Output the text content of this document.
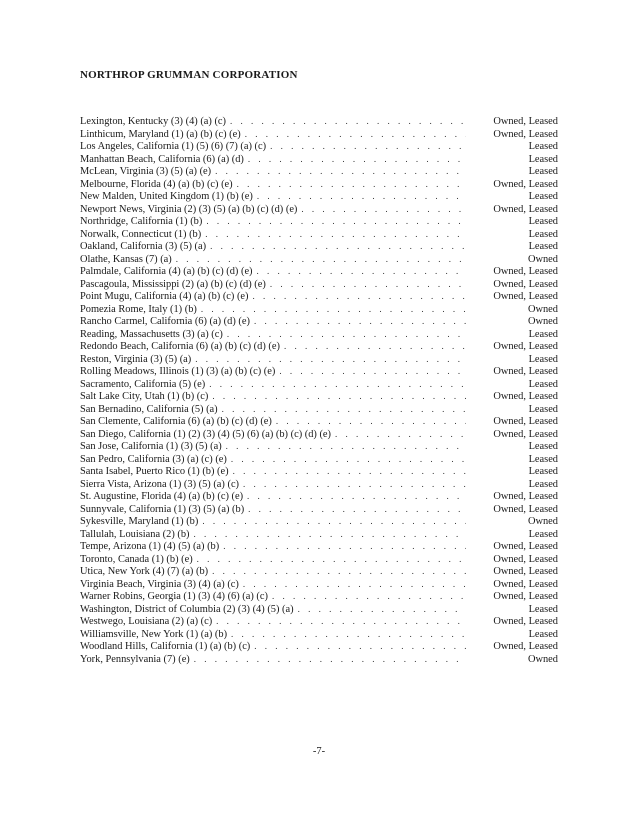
NORTHROP GRUMMAN CORPORATION
Lexington, Kentucky (3) (4) (a) (c) . . .	Owned, Leased
Linthicum, Maryland (1) (a) (b) (c) (e) . . .	Owned, Leased
Los Angeles, California (1) (5) (6) (7) (a) (c) . . .	Leased
Manhattan Beach, California (6) (a) (d) . . .	Leased
McLean, Virginia (3) (5) (a) (e) . . .	Leased
Melbourne, Florida (4) (a) (b) (c) (e) . . .	Owned, Leased
New Malden, United Kingdom (1) (b) (e) . . .	Leased
Newport News, Virginia (2) (3) (5) (a) (b) (c) (d) (e) . . .	Owned, Leased
Northridge, California (1) (b) . . .	Leased
Norwalk, Connecticut (1) (b) . . .	Leased
Oakland, California (3) (5) (a) . . .	Leased
Olathe, Kansas (7) (a) . . .	Owned
Palmdale, California (4) (a) (b) (c) (d) (e) . . .	Owned, Leased
Pascagoula, Mississippi (2) (a) (b) (c) (d) (e) . . .	Owned, Leased
Point Mugu, California (4) (a) (b) (c) (e) . . .	Owned, Leased
Pomezia Rome, Italy (1) (b) . . .	Owned
Rancho Carmel, California (6) (a) (d) (e) . . .	Owned
Reading, Massachusetts (3) (a) (c) . . .	Leased
Redondo Beach, California (6) (a) (b) (c) (d) (e) . . .	Owned, Leased
Reston, Virginia (3) (5) (a) . . .	Leased
Rolling Meadows, Illinois (1) (3) (a) (b) (c) (e) . . .	Owned, Leased
Sacramento, California (5) (e) . . .	Leased
Salt Lake City, Utah (1) (b) (c) . . .	Owned, Leased
San Bernadino, California (5) (a) . . .	Leased
San Clemente, California (6) (a) (b) (c) (d) (e) . . .	Owned, Leased
San Diego, California (1) (2) (3) (4) (5) (6) (a) (b) (c) (d) (e) . . .	Owned, Leased
San Jose, California (1) (3) (5) (a) . . .	Leased
San Pedro, California (3) (a) (c) (e) . . .	Leased
Santa Isabel, Puerto Rico (1) (b) (e) . . .	Leased
Sierra Vista, Arizona (1) (3) (5) (a) (c) . . .	Leased
St. Augustine, Florida (4) (a) (b) (c) (e) . . .	Owned, Leased
Sunnyvale, California (1) (3) (5) (a) (b) . . .	Owned, Leased
Sykesville, Maryland (1) (b) . . .	Owned
Tallulah, Louisiana (2) (b) . . .	Leased
Tempe, Arizona (1) (4) (5) (a) (b) . . .	Owned, Leased
Toronto, Canada (1) (b) (e) . . .	Owned, Leased
Utica, New York (4) (7) (a) (b) . . .	Owned, Leased
Virginia Beach, Virginia (3) (4) (a) (c) . . .	Owned, Leased
Warner Robins, Georgia (1) (3) (4) (6) (a) (c) . . .	Owned, Leased
Washington, District of Columbia (2) (3) (4) (5) (a) . . .	Leased
Westwego, Louisiana (2) (a) (c) . . .	Owned, Leased
Williamsville, New York (1) (a) (b) . . .	Leased
Woodland Hills, California (1) (a) (b) (c) . . .	Owned, Leased
York, Pennsylvania (7) (e) . . .	Owned
-7-
